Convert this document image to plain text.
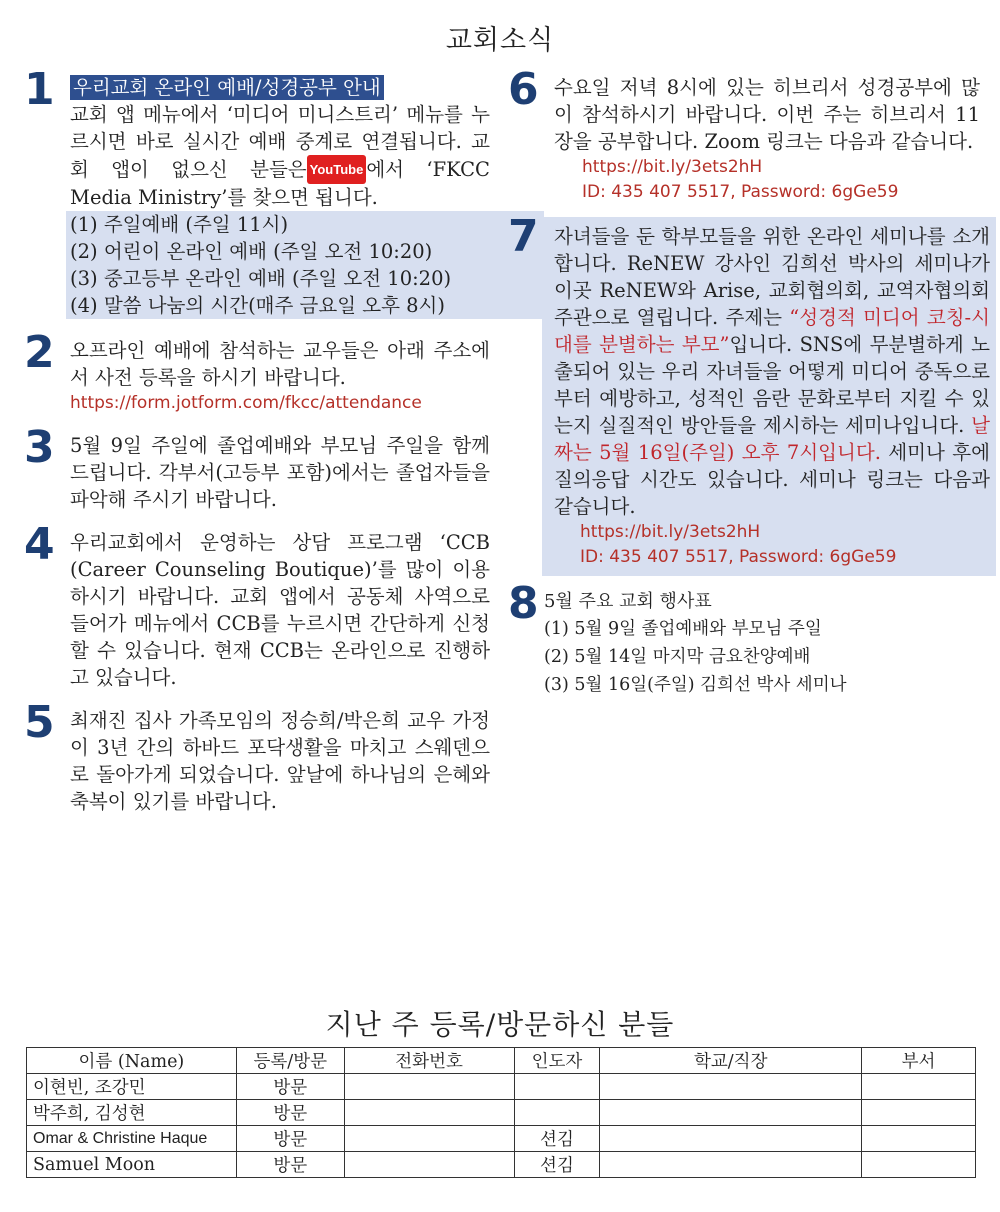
교회소식
1 우리교회 온라인 예배/성경공부 안내
교회 앱 메뉴에서 ‘미디어 미니스트리’ 메뉴를 누르시면 바로 실시간 예배 중계로 연결됩니다. 교회 앱이 없으신 분들은 YouTube 에서 ‘FKCC Media Ministry’를 찾으면 됩니다.
(1) 주일예배 (주일 11시)
(2) 어린이 온라인 예배 (주일 오전 10:20)
(3) 중고등부 온라인 예배 (주일 오전 10:20)
(4) 말씀 나눔의 시간(매주 금요일 오후 8시)
2 오프라인 예배에 참석하는 교우들은 아래 주소에서 사전 등록을 하시기 바랍니다.
https://form.jotform.com/fkcc/attendance
3 5월 9일 주일에 졸업예배와 부모님 주일을 함께 드립니다. 각부서(고등부 포함)에서는 졸업자들을 파악해 주시기 바랍니다.
4 우리교회에서 운영하는 상담 프로그램 ‘CCB (Career Counseling Boutique)’를 많이 이용하시기 바랍니다. 교회 앱에서 공동체 사역으로 들어가 메뉴에서 CCB를 누르시면 간단하게 신청할 수 있습니다. 현재 CCB는 온라인으로 진행하고 있습니다.
5 최재진 집사 가족모임의 정승희/박은희 교우 가정이 3년 간의 하바드 포닥생활을 마치고 스웨덴으로 돌아가게 되었습니다. 앞날에 하나님의 은혜와 축복이 있기를 바랍니다.
6 수요일 저녁 8시에 있는 히브리서 성경공부에 많이 참석하시기 바랍니다. 이번 주는 히브리서 11장을 공부합니다. Zoom 링크는 다음과 같습니다.
https://bit.ly/3ets2hH
ID: 435 407 5517, Password: 6gGe59
7 자녀들을 둔 학부모들을 위한 온라인 세미나를 소개합니다. ReNEW 강사인 김희선 박사의 세미나가 이곳 ReNEW와 Arise, 교회협의회, 교역자협의회 주관으로 열립니다. 주제는 “성경적 미디어 코칭-시대를 분별하는 부모”입니다. SNS에 무분별하게 노출되어 있는 우리 자녀들을 어떻게 미디어 중독으로부터 예방하고, 성적인 음란 문화로부터 지킬 수 있는지 실질적인 방안들을 제시하는 세미나입니다. 날짜는 5월 16일(주일) 오후 7시입니다. 세미나 후에 질의응답 시간도 있습니다. 세미나 링크는 다음과 같습니다.
https://bit.ly/3ets2hH
ID: 435 407 5517, Password: 6gGe59
8 5월 주요 교회 행사표
(1) 5월 9일 졸업예배와 부모님 주일
(2) 5월 14일 마지막 금요찬양예배
(3) 5월 16일(주일) 김희선 박사 세미나
지난 주 등록/방문하신 분들
이름 (Name)	등록/방문	전화번호	인도자	학교/직장	부서
이현빈, 조강민	방문				
박주희, 김성현	방문				
Omar & Christine Haque	방문		션김		
Samuel Moon	방문		션김		
